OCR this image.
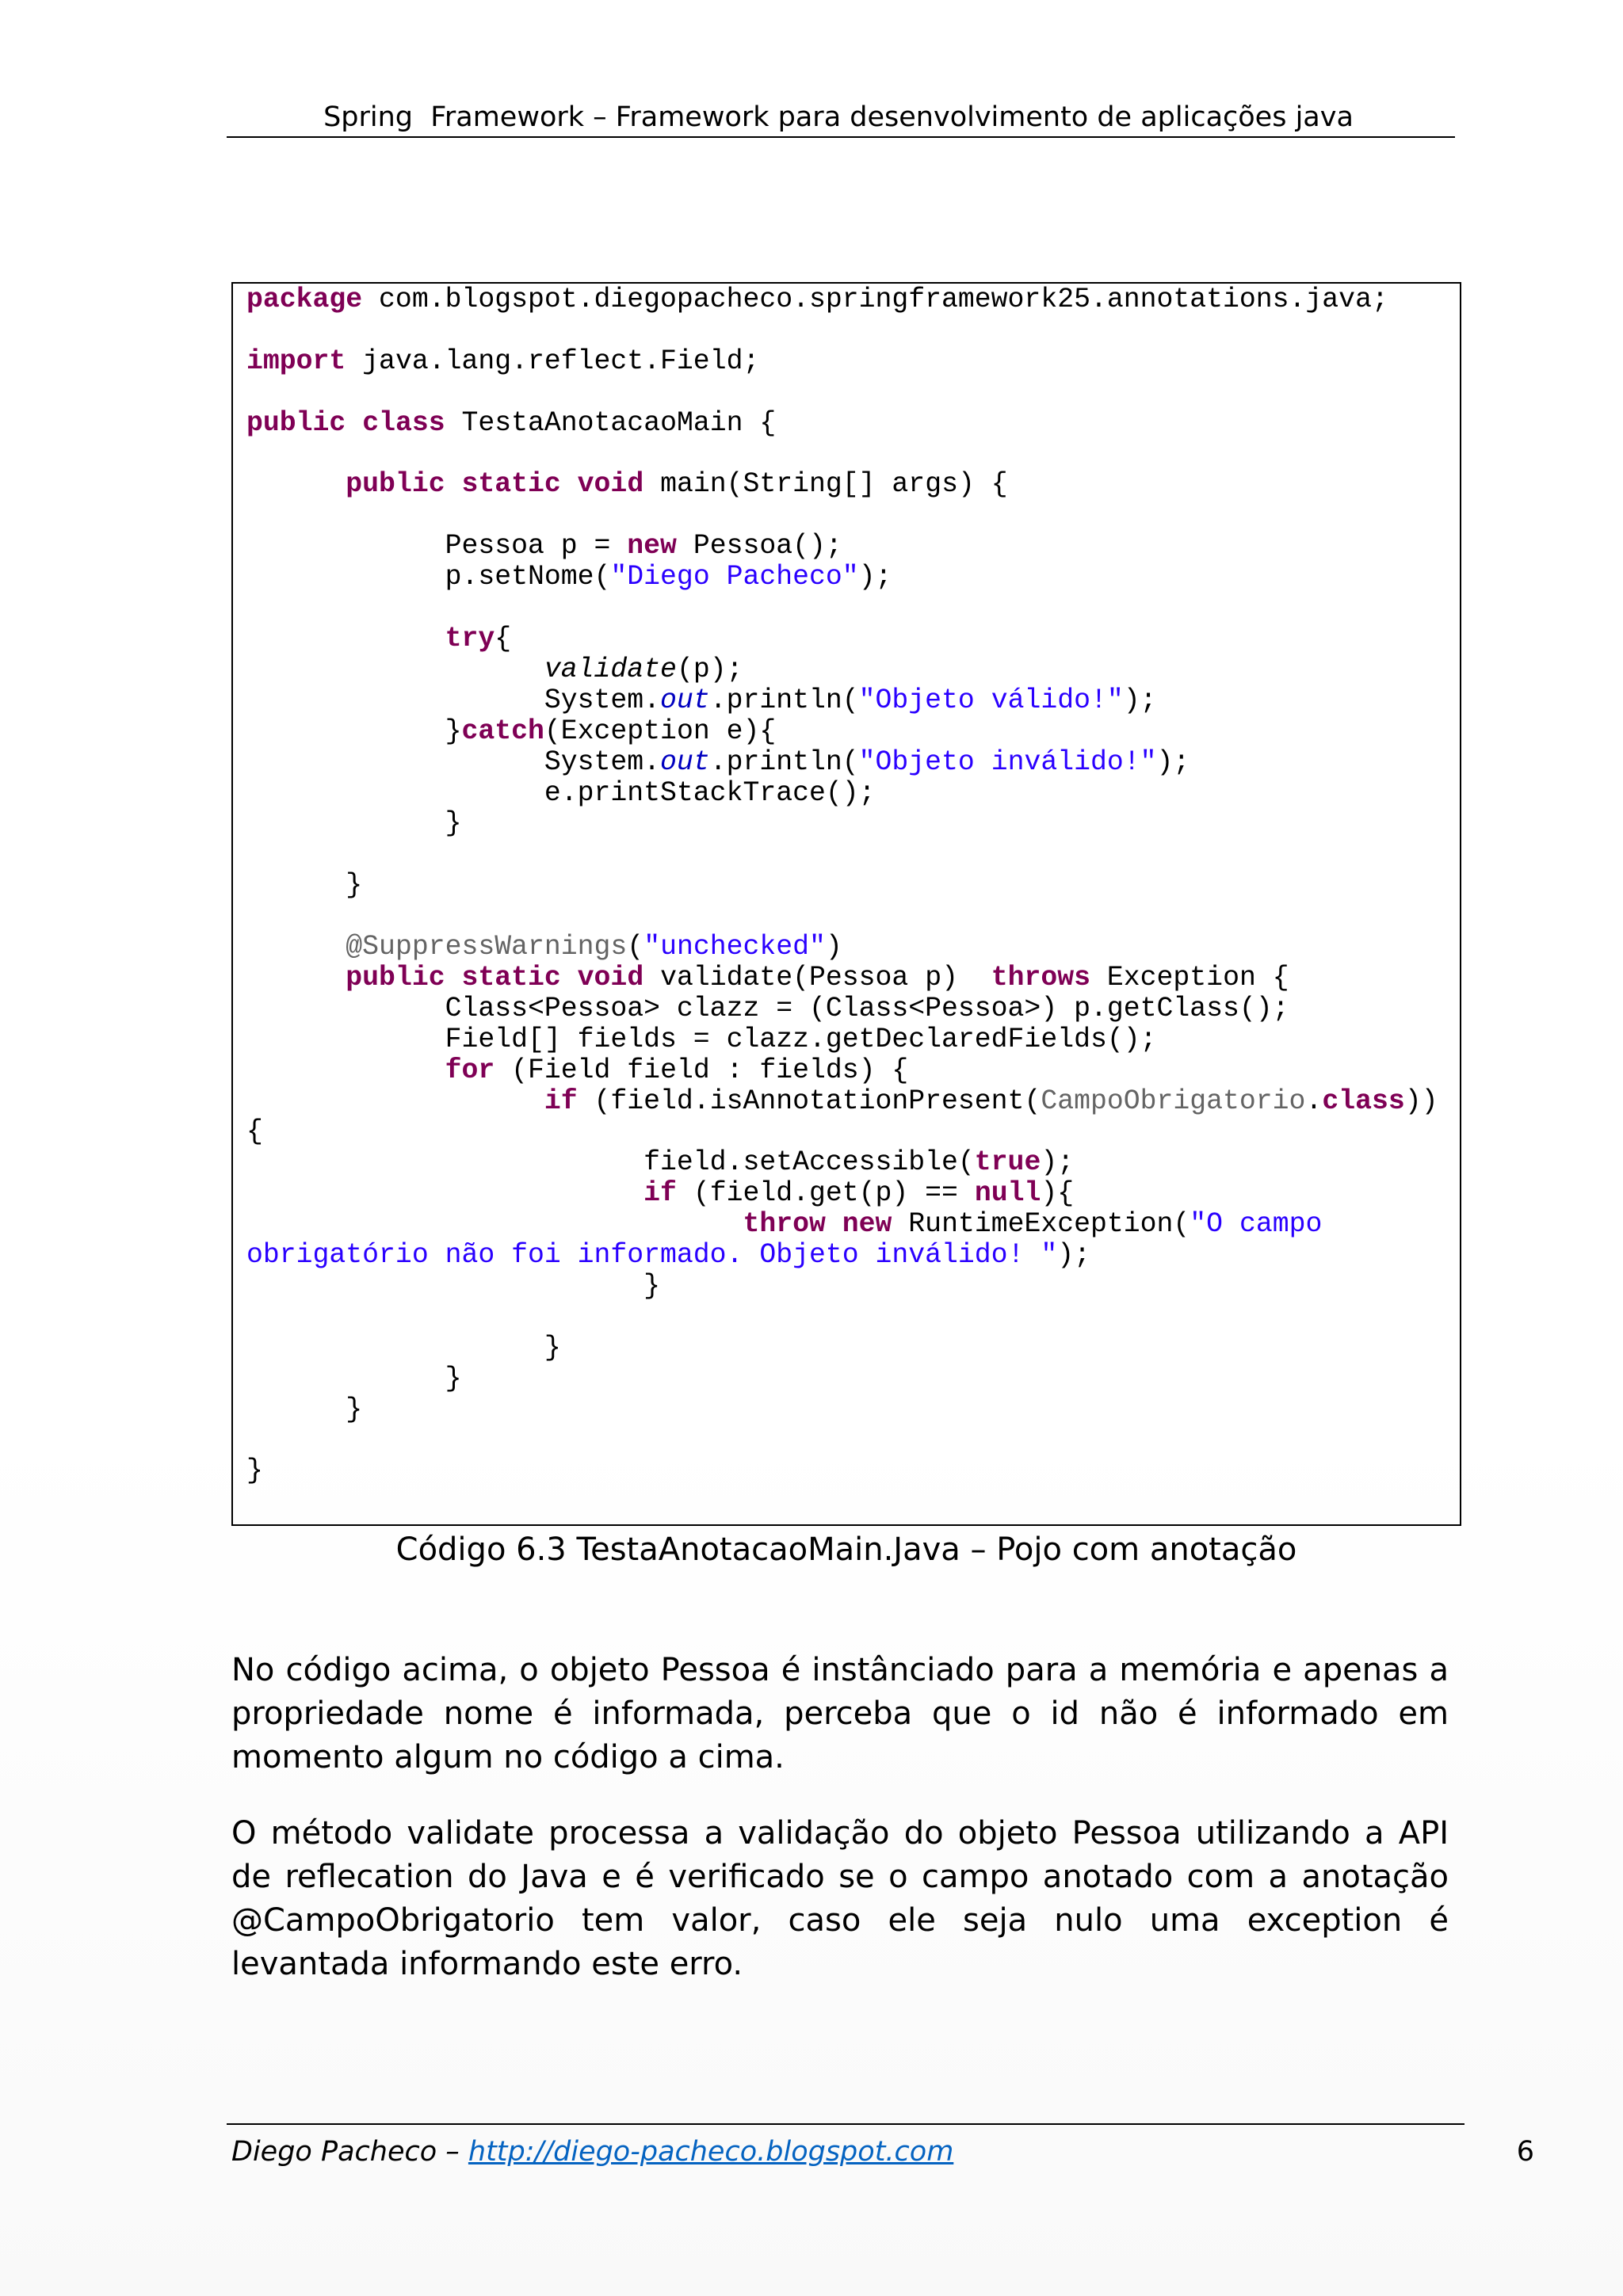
Spring  Framework – Framework para desenvolvimento de aplicações java
package com.blogspot.diegopacheco.springframework25.annotations.java;

import java.lang.reflect.Field;

public class TestaAnotacaoMain {

public static void main(String[] args) {

Pessoa p = new Pessoa();
p.setNome("Diego Pacheco");

try{
validate(p);
System.out.println("Objeto válido!");
}catch(Exception e){
System.out.println("Objeto inválido!");
e.printStackTrace();
}

}

@SuppressWarnings("unchecked")
public static void validate(Pessoa p)  throws Exception {
Class<Pessoa> clazz = (Class<Pessoa>) p.getClass();
Field[] fields = clazz.getDeclaredFields();
for (Field field : fields) {
if (field.isAnnotationPresent(CampoObrigatorio.class))
{
field.setAccessible(true);
if (field.get(p) == null){
throw new RuntimeException("O campo
obrigatório não foi informado. Objeto inválido! ");
}

}
}
}

}
Código 6.3 TestaAnotacaoMain.Java – Pojo com anotação

No código acima, o objeto Pessoa é instânciado para a memória e apenas a propriedade nome é informada, perceba que o id não é informado em momento algum no código a cima.

O método validate processa a validação do objeto Pessoa utilizando a API de reflecation do Java e é verificado se o campo anotado com a anotação @CampoObrigatorio tem valor, caso ele seja nulo uma exception é levantada informando este erro.

Diego Pacheco – http://diego-pacheco.blogspot.com	6
